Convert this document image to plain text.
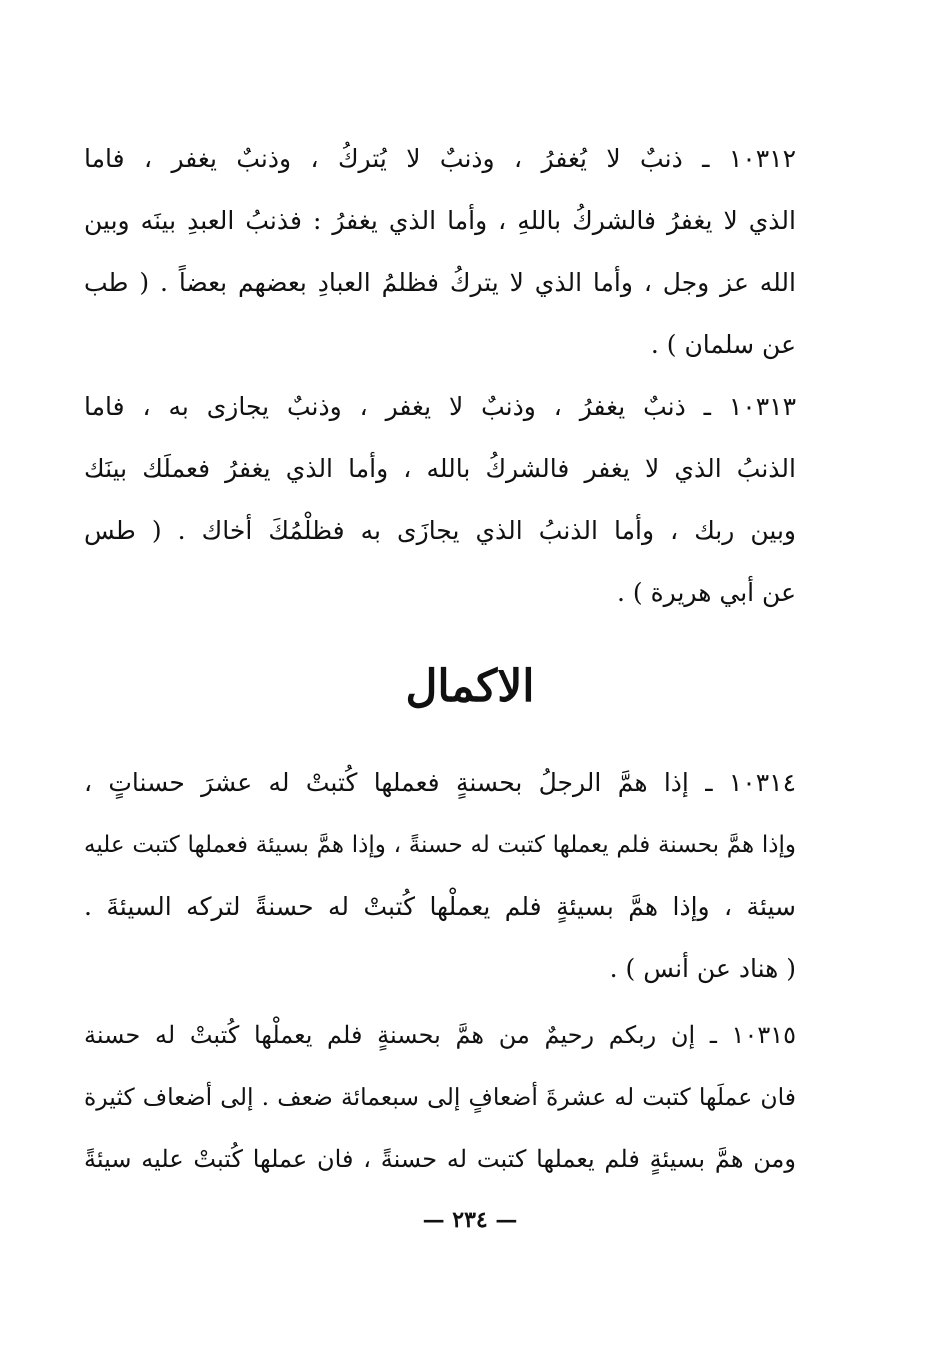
١٠٣١٢ ـ ذنبٌ لا يُغفرُ ، وذنبٌ لا يُتركُ ، وذنبٌ يغفر ، فاما
الذي لا يغفرُ فالشركُ باللهِ ، وأما الذي يغفرُ : فذنبُ العبدِ بينَه وبين
الله عز وجل ، وأما الذي لا يتركُ فظلمُ العبادِ بعضهم بعضاً . ( طب
عن سلمان ) .
١٠٣١٣ ـ ذنبٌ يغفرُ ، وذنبٌ لا يغفر ، وذنبٌ يجازى به ، فاما
الذنبُ الذي لا يغفر فالشركُ بالله ، وأما الذي يغفرُ فعملَك بينَك
وبين ربك ، وأما الذنبُ الذي يجازَى به فظلْمُكَ أخاك . ( طس
عن أبي هريرة ) .
الاكمال
١٠٣١٤ ـ إذا همَّ الرجلُ بحسنةٍ فعملها كُتبتْ له عشرَ حسناتٍ ،
وإذا همَّ بحسنة فلم يعملها كتبت له حسنةً ، وإذا همَّ بسيئة فعملها كتبت عليه
سيئة ، وإذا همَّ بسيئةٍ فلم يعملْها كُتبتْ له حسنةً لتركه السيئةَ .
( هناد عن أنس ) .
١٠٣١٥ ـ إن ربكم رحيمٌ من همَّ بحسنةٍ فلم يعملْها كُتبتْ له حسنة
فان عملَها كتبت له عشرةَ أضعافٍ إلى سبعمائة ضعف . إلى أضعاف كثيرة
ومن همَّ بسيئةٍ فلم يعملها كتبت له حسنةً ، فان عملها كُتبتْ عليه سيئةً
— ٢٣٤ —
